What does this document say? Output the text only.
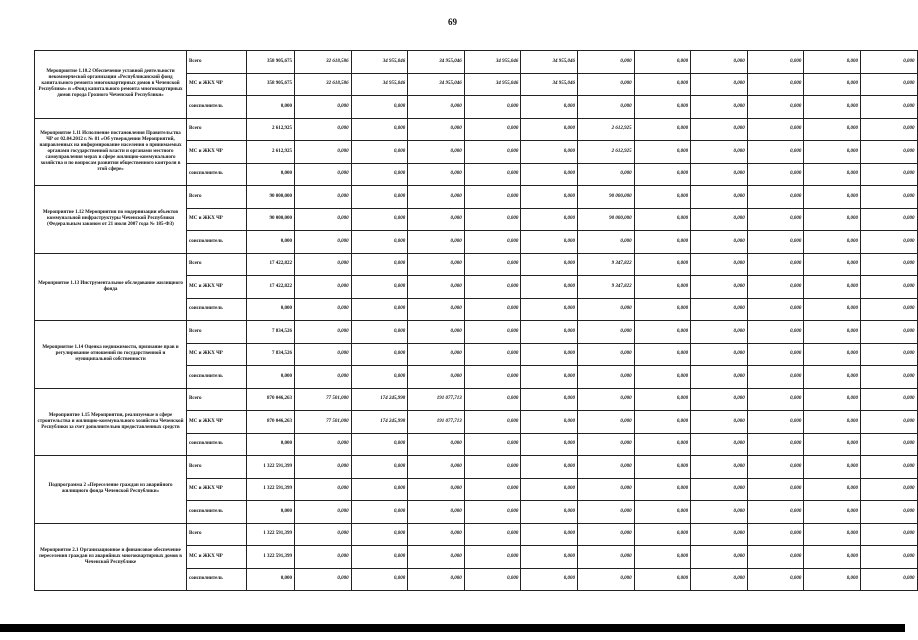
69
Мероприятие 1.10.2 Обеспечение уставной деятельности некоммерческой организации «Республиканский фонд капитального ремонта многоквартирных домов в Чеченской Республике» и «Фонд капитального ремонта многоквартирных домов города Грозного Чеченской Республики»	Всего	358 905,675	32 618,586	34 955,046	34 955,046	34 955,046	34 955,046	0,000	0,000	0,000	0,000	0,000	0,000
	МС и ЖКХ ЧР	358 905,675	32 618,586	34 955,046	34 955,046	34 955,046	34 955,046	0,000	0,000	0,000	0,000	0,000	0,000
	соисполнитель	0,000	0,000	0,000	0,000	0,000	0,000	0,000	0,000	0,000	0,000	0,000	0,000
Мероприятие 1.11 Исполнение постановления Правительства ЧР от 02.04.2012 г. № 81 «Об утверждении Мероприятий, направленных на информирование населения о принимаемых органами государственной власти и органами местного самоуправления мерах в сфере жилищно-коммунального хозяйства и по вопросам развития общественного контроля в этой сфере»	Всего	2 612,925	0,000	0,000	0,000	0,000	0,000	2 612,925	0,000	0,000	0,000	0,000	0,000
	МС и ЖКХ ЧР	2 612,925	0,000	0,000	0,000	0,000	0,000	2 612,925	0,000	0,000	0,000	0,000	0,000
	соисполнитель	0,000	0,000	0,000	0,000	0,000	0,000	0,000	0,000	0,000	0,000	0,000	0,000
Мероприятие 1.12 Мероприятия по модернизации объектов коммунальной инфраструктуры Чеченской Республики (Федеральным законом от 21 июля 2007 года № 185-ФЗ)	Всего	90 000,000	0,000	0,000	0,000	0,000	0,000	90 000,000	0,000	0,000	0,000	0,000	0,000
	МС и ЖКХ ЧР	90 000,000	0,000	0,000	0,000	0,000	0,000	90 000,000	0,000	0,000	0,000	0,000	0,000
	соисполнитель	0,000	0,000	0,000	0,000	0,000	0,000	0,000	0,000	0,000	0,000	0,000	0,000
Мероприятие 1.13 Инструментальное обследование жилищного фонда	Всего	17 422,822	0,000	0,000	0,000	0,000	0,000	9 347,822	0,000	0,000	0,000	0,000	0,000
	МС и ЖКХ ЧР	17 422,822	0,000	0,000	0,000	0,000	0,000	9 347,822	0,000	0,000	0,000	0,000	0,000
	соисполнитель	0,000	0,000	0,000	0,000	0,000	0,000	0,000	0,000	0,000	0,000	0,000	0,000
Мероприятие 1.14 Оценка недвижимости, признание прав и регулирование отношений по государственной и муниципальной собственности	Всего	7 834,526	0,000	0,000	0,000	0,000	0,000	0,000	0,000	0,000	0,000	0,000	0,000
	МС и ЖКХ ЧР	7 834,526	0,000	0,000	0,000	0,000	0,000	0,000	0,000	0,000	0,000	0,000	0,000
	соисполнитель	0,000	0,000	0,000	0,000	0,000	0,000	0,000	0,000	0,000	0,000	0,000	0,000
Мероприятие 1.15 Мероприятия, реализуемые в сфере строительства и жилищно-коммунального хозяйства Чеченской Республики за счет дополнительно предоставленных средств	Всего	870 046,263	77 501,000	174 245,998	191 077,713	0,000	0,000	0,000	0,000	0,000	0,000	0,000	0,000
	МС и ЖКХ ЧР	870 046,263	77 501,000	174 245,998	191 077,713	0,000	0,000	0,000	0,000	0,000	0,000	0,000	0,000
	соисполнитель	0,000	0,000	0,000	0,000	0,000	0,000	0,000	0,000	0,000	0,000	0,000	0,000
Подпрограмма 2 «Переселение граждан из аварийного жилищного фонда Чеченской Республики»	Всего	1 322 591,399	0,000	0,000	0,000	0,000	0,000	0,000	0,000	0,000	0,000	0,000	0,000
	МС и ЖКХ ЧР	1 322 591,399	0,000	0,000	0,000	0,000	0,000	0,000	0,000	0,000	0,000	0,000	0,000
	соисполнитель	0,000	0,000	0,000	0,000	0,000	0,000	0,000	0,000	0,000	0,000	0,000	0,000
Мероприятие 2.1 Организационное и финансовое обеспечение переселения граждан из аварийных многоквартирных домов в Чеченской Республике	Всего	1 322 591,399	0,000	0,000	0,000	0,000	0,000	0,000	0,000	0,000	0,000	0,000	0,000
	МС и ЖКХ ЧР	1 322 591,399	0,000	0,000	0,000	0,000	0,000	0,000	0,000	0,000	0,000	0,000	0,000
	соисполнитель	0,000	0,000	0,000	0,000	0,000	0,000	0,000	0,000	0,000	0,000	0,000	0,000
